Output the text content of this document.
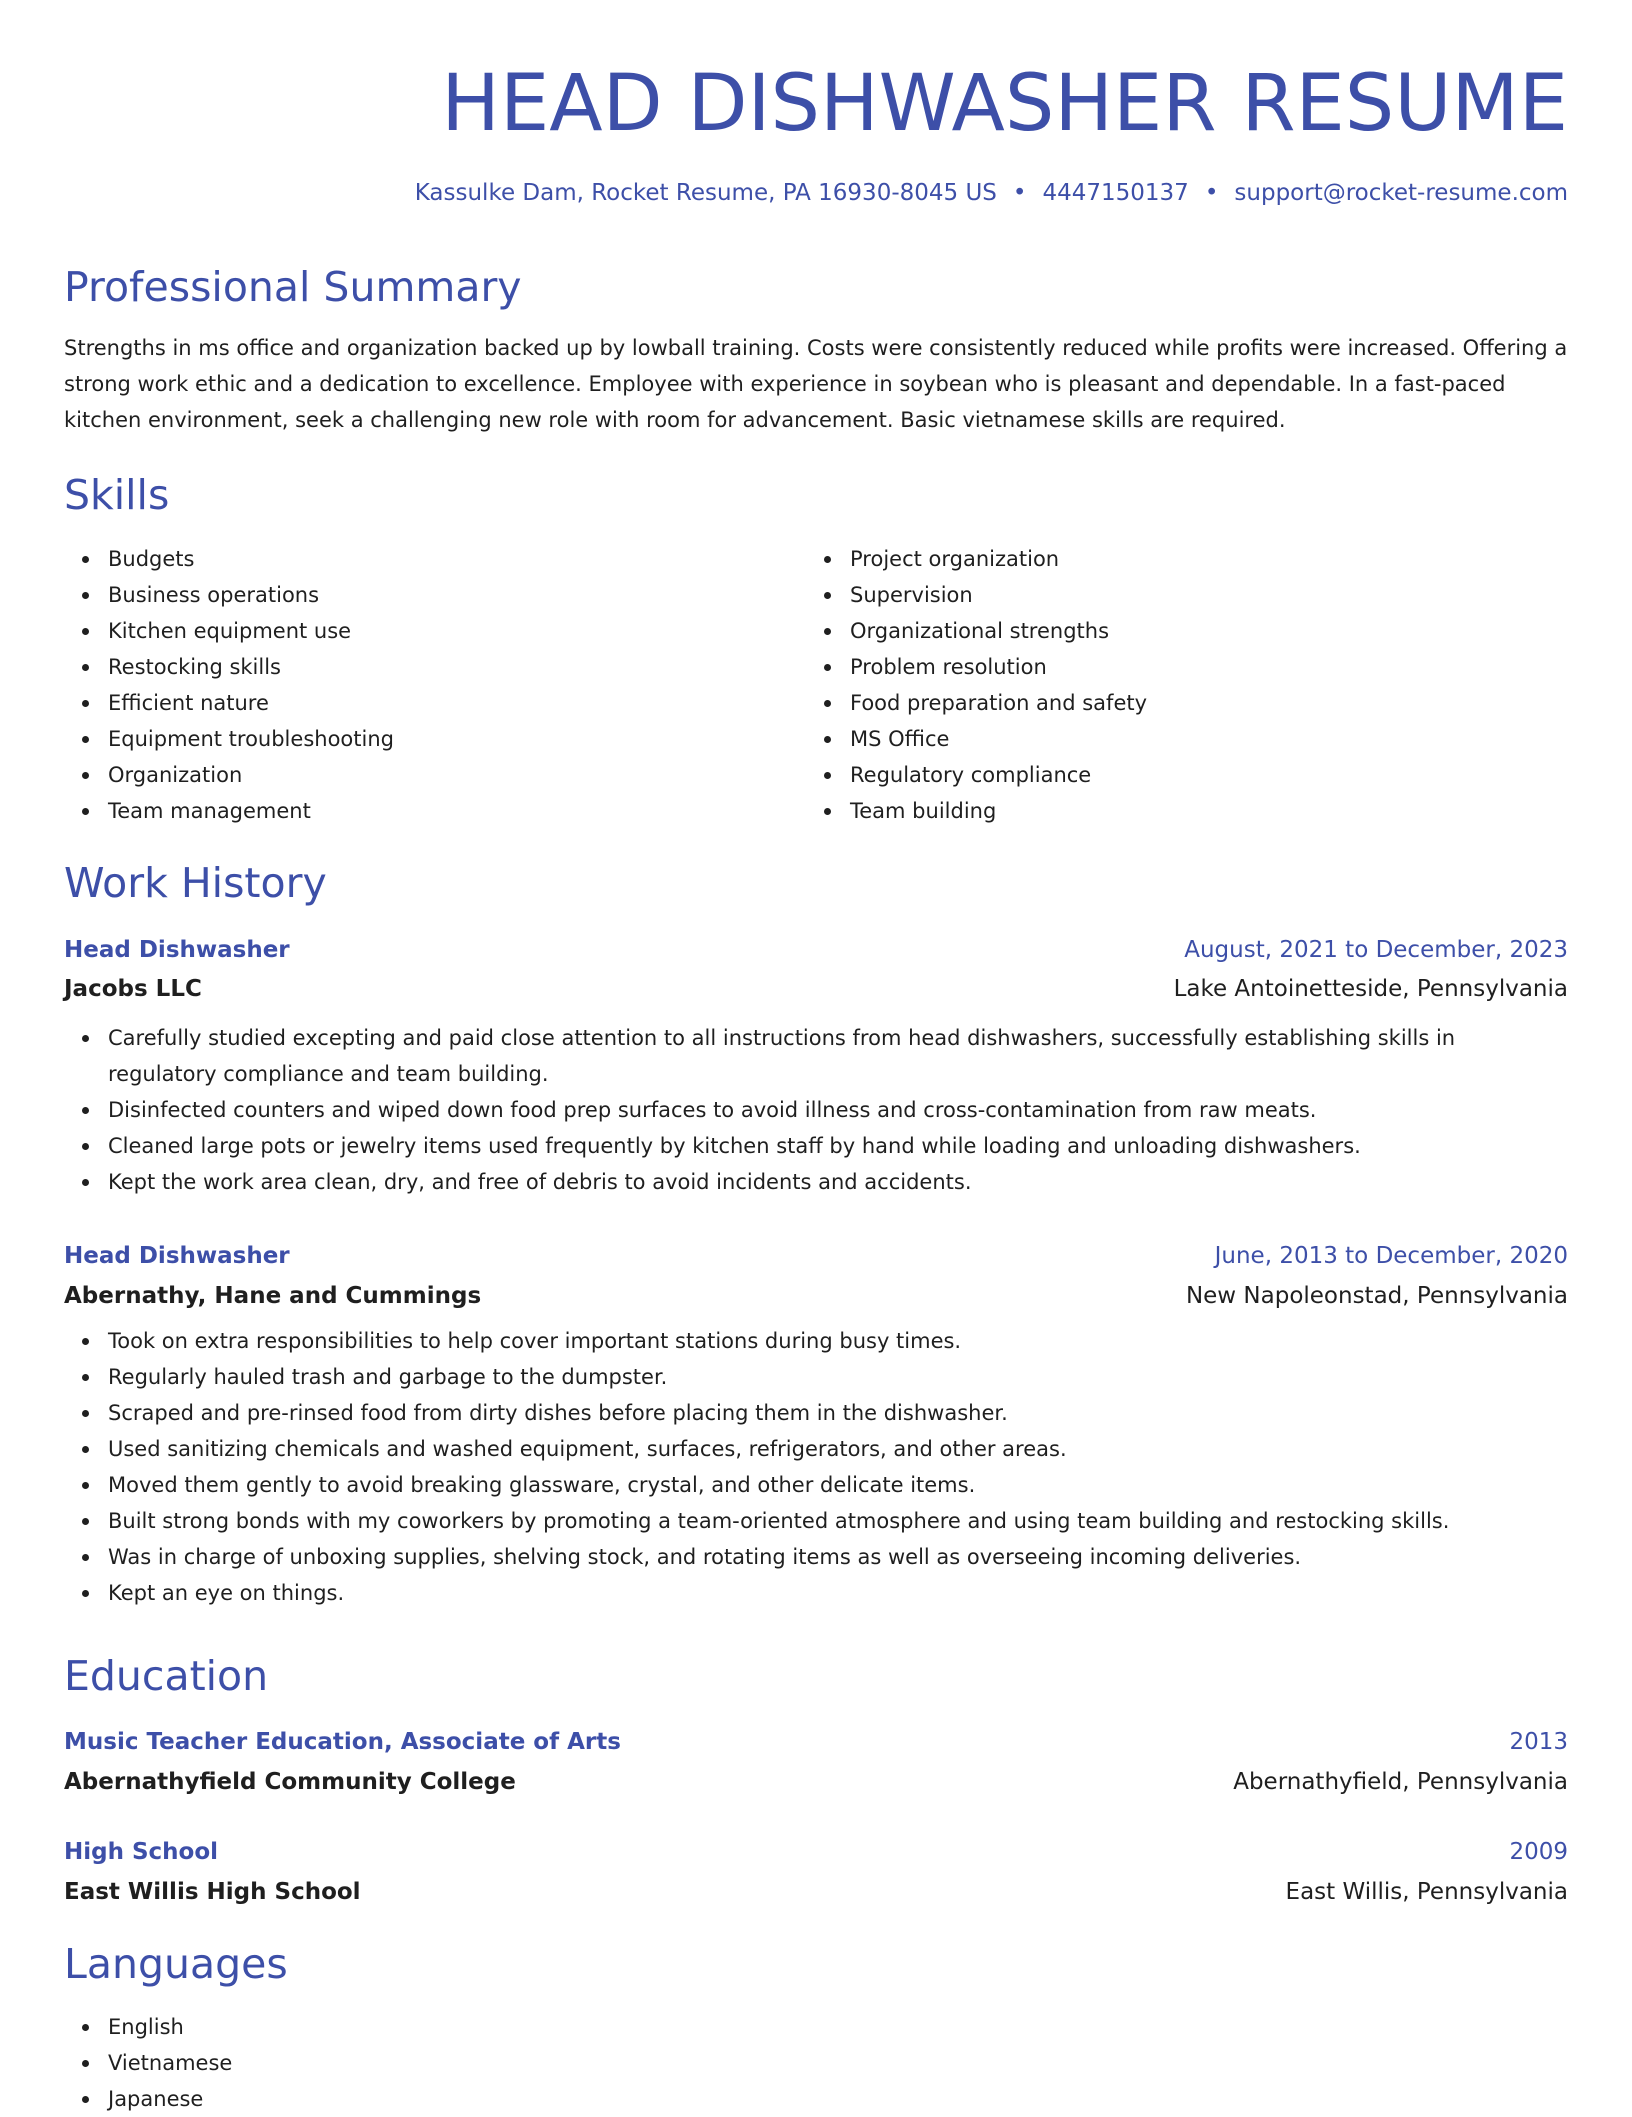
HEAD DISHWASHER RESUME
Kassulke Dam, Rocket Resume, PA 16930-8045 US • 4447150137 • support@rocket-resume.com
Professional Summary

Strengths in ms office and organization backed up by lowball training. Costs were consistently reduced while profits were increased. Offering a strong work ethic and a dedication to excellence. Employee with experience in soybean who is pleasant and dependable. In a fast-paced kitchen environment, seek a challenging new role with room for advancement. Basic vietnamese skills are required.

Skills
Budgets
Business operations
Kitchen equipment use
Restocking skills
Efficient nature
Equipment troubleshooting
Organization
Team management
Project organization
Supervision
Organizational strengths
Problem resolution
Food preparation and safety
MS Office
Regulatory compliance
Team building
Work History
Head Dishwasher	August, 2021 to December, 2023
Jacobs LLC	Lake Antoinetteside, Pennsylvania
Carefully studied excepting and paid close attention to all instructions from head dishwashers, successfully establishing skills in regulatory compliance and team building.
Disinfected counters and wiped down food prep surfaces to avoid illness and cross-contamination from raw meats.
Cleaned large pots or jewelry items used frequently by kitchen staff by hand while loading and unloading dishwashers.
Kept the work area clean, dry, and free of debris to avoid incidents and accidents.
Head Dishwasher	June, 2013 to December, 2020
Abernathy, Hane and Cummings	New Napoleonstad, Pennsylvania
Took on extra responsibilities to help cover important stations during busy times.
Regularly hauled trash and garbage to the dumpster.
Scraped and pre-rinsed food from dirty dishes before placing them in the dishwasher.
Used sanitizing chemicals and washed equipment, surfaces, refrigerators, and other areas.
Moved them gently to avoid breaking glassware, crystal, and other delicate items.
Built strong bonds with my coworkers by promoting a team-oriented atmosphere and using team building and restocking skills.
Was in charge of unboxing supplies, shelving stock, and rotating items as well as overseeing incoming deliveries.
Kept an eye on things.
Education
Music Teacher Education, Associate of Arts	2013
Abernathyfield Community College	Abernathyfield, Pennsylvania
High School	2009
East Willis High School	East Willis, Pennsylvania
Languages
English
Vietnamese
Japanese
